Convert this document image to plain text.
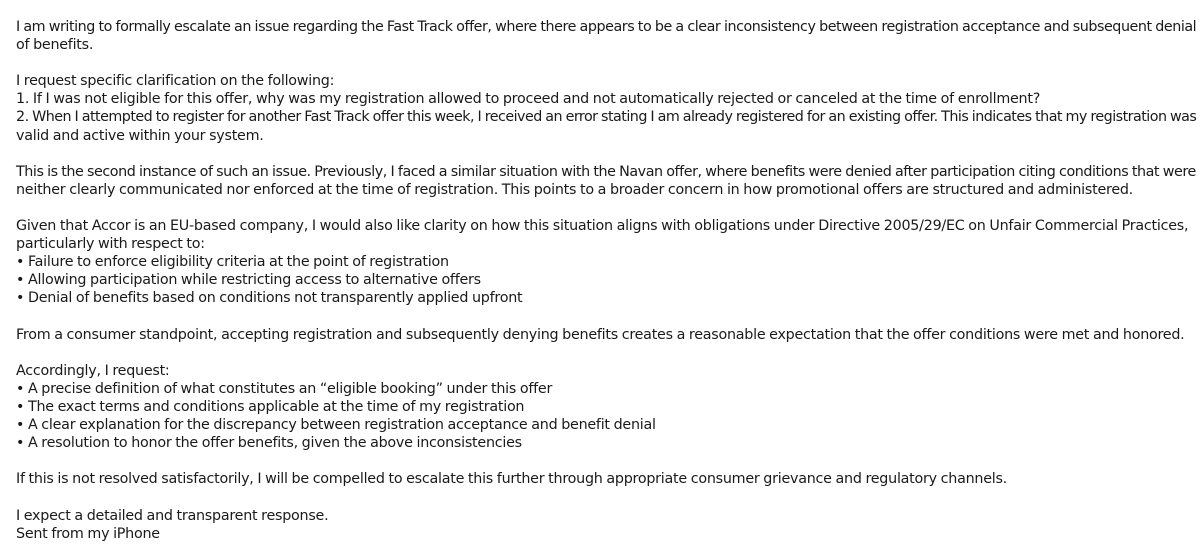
I am writing to formally escalate an issue regarding the Fast Track offer, where there appears to be a clear inconsistency between registration acceptance and subsequent denial
of benefits.

I request specific clarification on the following:
1. If I was not eligible for this offer, why was my registration allowed to proceed and not automatically rejected or canceled at the time of enrollment?
2. When I attempted to register for another Fast Track offer this week, I received an error stating I am already registered for an existing offer. This indicates that my registration was
valid and active within your system.

This is the second instance of such an issue. Previously, I faced a similar situation with the Navan offer, where benefits were denied after participation citing conditions that were
neither clearly communicated nor enforced at the time of registration. This points to a broader concern in how promotional offers are structured and administered.

Given that Accor is an EU-based company, I would also like clarity on how this situation aligns with obligations under Directive 2005/29/EC on Unfair Commercial Practices,
particularly with respect to:
• Failure to enforce eligibility criteria at the point of registration
• Allowing participation while restricting access to alternative offers
• Denial of benefits based on conditions not transparently applied upfront

From a consumer standpoint, accepting registration and subsequently denying benefits creates a reasonable expectation that the offer conditions were met and honored.

Accordingly, I request:
• A precise definition of what constitutes an “eligible booking” under this offer
• The exact terms and conditions applicable at the time of my registration
• A clear explanation for the discrepancy between registration acceptance and benefit denial
• A resolution to honor the offer benefits, given the above inconsistencies

If this is not resolved satisfactorily, I will be compelled to escalate this further through appropriate consumer grievance and regulatory channels.

I expect a detailed and transparent response.
Sent from my iPhone
